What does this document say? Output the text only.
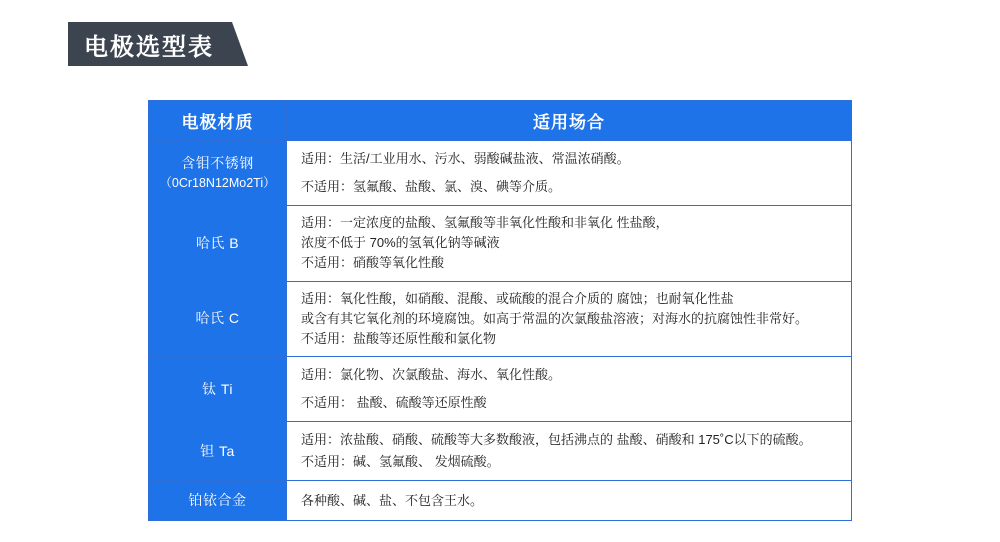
电极选型表
电极材质	适用场合
含钼不锈钢
（0Cr18N12Mo2Ti）	适用：生活/工业用水、污水、弱酸碱盐液、常温浓硝酸。
不适用：氢氟酸、盐酸、氯、溴、碘等介质。

哈氏 B	适用：一定浓度的盐酸、氢氟酸等非氧化性酸和非氧化 性盐酸，
浓度不低于 70%的氢氧化钠等碱液
不适用：硝酸等氧化性酸

哈氏 C	适用：氧化性酸，如硝酸、混酸、或硫酸的混合介质的 腐蚀；也耐氧化性盐
或含有其它氧化剂的环境腐蚀。如高于常温的次氯酸盐溶液；对海水的抗腐蚀性非常好。
不适用：盐酸等还原性酸和氯化物

钛 Ti	适用：氯化物、次氯酸盐、海水、氧化性酸。
不适用： 盐酸、硫酸等还原性酸

钽 Ta	适用：浓盐酸、硝酸、硫酸等大多数酸液，包括沸点的 盐酸、硝酸和 175˚C以下的硫酸。
不适用：碱、氢氟酸、 发烟硫酸。

铂铱合金	各种酸、碱、盐、不包含王水。
